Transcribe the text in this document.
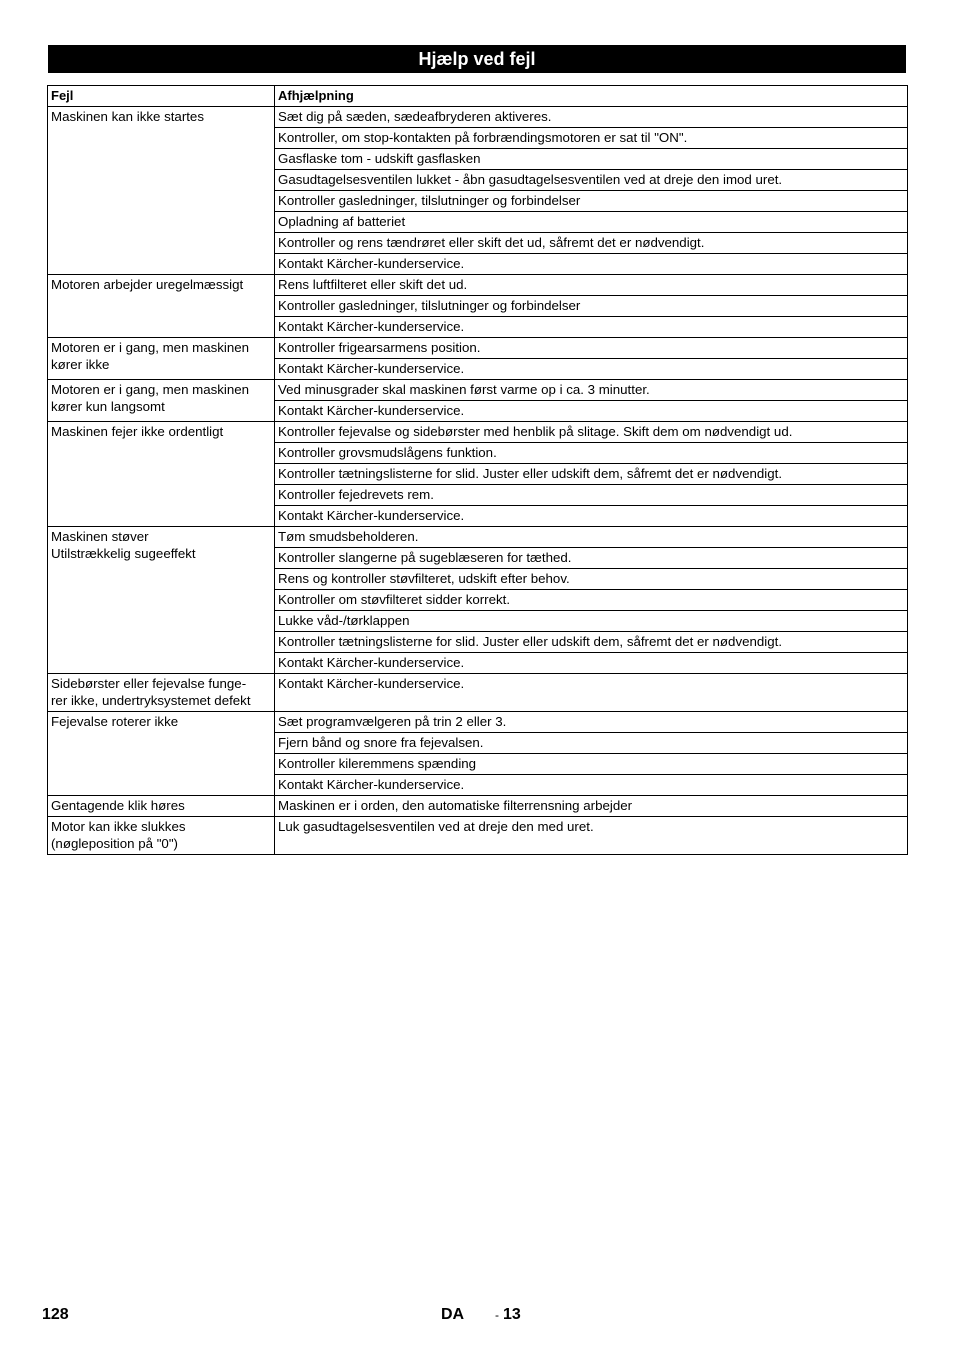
Hjælp ved fejl
Fejl	Afhjælpning
Maskinen kan ikke startes	Sæt dig på sæden, sædeafbryderen aktiveres.
	Kontroller, om stop-kontakten på forbrændingsmotoren er sat til "ON".
	Gasflaske tom - udskift gasflasken
	Gasudtagelsesventilen lukket - åbn gasudtagelsesventilen ved at dreje den imod uret.
	Kontroller gasledninger, tilslutninger og forbindelser
	Opladning af batteriet
	Kontroller og rens tændrøret eller skift det ud, såfremt det er nødvendigt.
	Kontakt Kärcher-kunderservice.
Motoren arbejder uregelmæssigt	Rens luftfilteret eller skift det ud.
	Kontroller gasledninger, tilslutninger og forbindelser
	Kontakt Kärcher-kunderservice.
Motoren er i gang, men maskinen
kører ikke	Kontroller frigearsarmens position.
	Kontakt Kärcher-kunderservice.
Motoren er i gang, men maskinen
kører kun langsomt	Ved minusgrader skal maskinen først varme op i ca. 3 minutter.
	Kontakt Kärcher-kunderservice.
Maskinen fejer ikke ordentligt	Kontroller fejevalse og sidebørster med henblik på slitage. Skift dem om nødvendigt ud.
	Kontroller grovsmudslågens funktion.
	Kontroller tætningslisterne for slid. Juster eller udskift dem, såfremt det er nødvendigt.
	Kontroller fejedrevets rem.
	Kontakt Kärcher-kunderservice.
Maskinen støver
Utilstrækkelig sugeeffekt	Tøm smudsbeholderen.
	Kontroller slangerne på sugeblæseren for tæthed.
	Rens og kontroller støvfilteret, udskift efter behov.
	Kontroller om støvfilteret sidder korrekt.
	Lukke våd-/tørklappen
	Kontroller tætningslisterne for slid. Juster eller udskift dem, såfremt det er nødvendigt.
	Kontakt Kärcher-kunderservice.
Sidebørster eller fejevalse funge-
rer ikke, undertryksystemet defekt	Kontakt Kärcher-kunderservice.
Fejevalse roterer ikke	Sæt programvælgeren på trin 2 eller 3.
	Fjern bånd og snore fra fejevalsen.
	Kontroller kileremmens spænding
	Kontakt Kärcher-kunderservice.
Gentagende klik høres	Maskinen er i orden, den automatiske filterrensning arbejder
Motor kan ikke slukkes
(nøgleposition på "0")	Luk gasudtagelsesventilen ved at dreje den med uret.
128	DA	- 13
